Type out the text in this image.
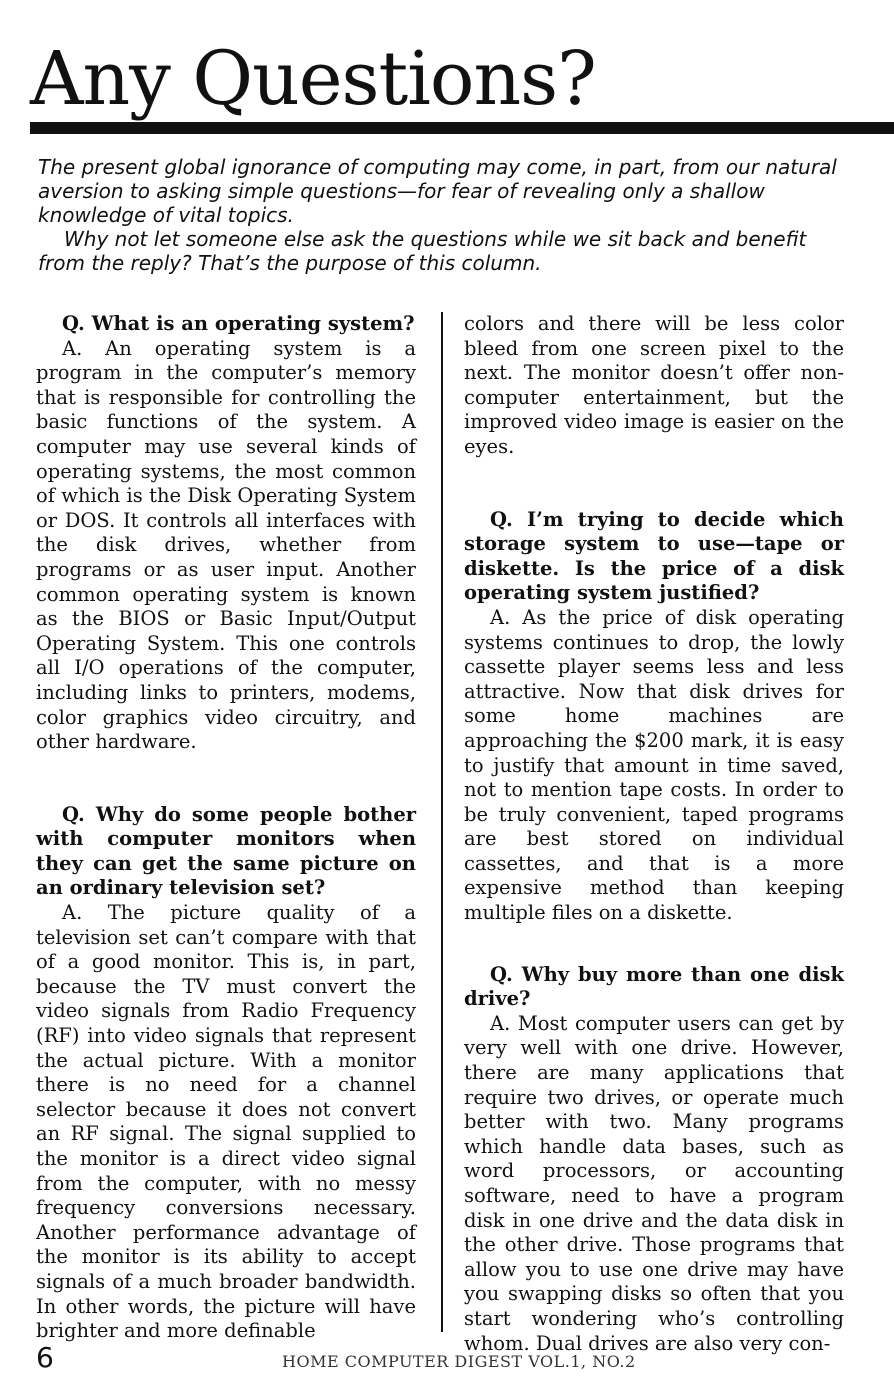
Any Questions?

The present global ignorance of computing may come, in part, from our natural aversion to asking simple questions—for fear of revealing only a shallow knowledge of vital topics.

Why not let someone else ask the questions while we sit back and benefit from the reply? That’s the purpose of this column.

Q. What is an operating system?

A. An operating system is a program in the computer’s memory that is responsible for controlling the basic functions of the system. A computer may use several kinds of operating systems, the most common of which is the Disk Operating System or DOS. It controls all interfaces with the disk drives, whether from programs or as user input. Another common operating system is known as the BIOS or Basic Input/Output Operating System. This one controls all I/O operations of the computer, including links to printers, modems, color graphics video circuitry, and other hardware.

Q. Why do some people bother with computer monitors when they can get the same picture on an ordinary television set?

A. The picture quality of a television set can’t compare with that of a good monitor. This is, in part, because the TV must convert the video signals from Radio Frequency (RF) into video signals that represent the actual picture. With a monitor there is no need for a channel selector because it does not convert an RF signal. The signal supplied to the monitor is a direct video signal from the computer, with no messy frequency conversions necessary. Another performance advantage of the monitor is its ability to accept signals of a much broader bandwidth. In other words, the picture will have brighter and more definable

colors and there will be less color bleed from one screen pixel to the next. The monitor doesn’t offer non-computer entertainment, but the improved video image is easier on the eyes.

Q. I’m trying to decide which storage system to use—tape or diskette. Is the price of a disk operating system justified?

A. As the price of disk operating systems continues to drop, the lowly cassette player seems less and less attractive. Now that disk drives for some home machines are approaching the $200 mark, it is easy to justify that amount in time saved, not to mention tape costs. In order to be truly convenient, taped programs are best stored on individual cassettes, and that is a more expensive method than keeping multiple files on a diskette.

Q. Why buy more than one disk drive?

A. Most computer users can get by very well with one drive. However, there are many applications that require two drives, or operate much better with two. Many programs which handle data bases, such as word processors, or accounting software, need to have a program disk in one drive and the data disk in the other drive. Those programs that allow you to use one drive may have you swapping disks so often that you start wondering who’s controlling whom. Dual drives are also very con-

6	HOME COMPUTER DIGEST VOL.1, NO.2
